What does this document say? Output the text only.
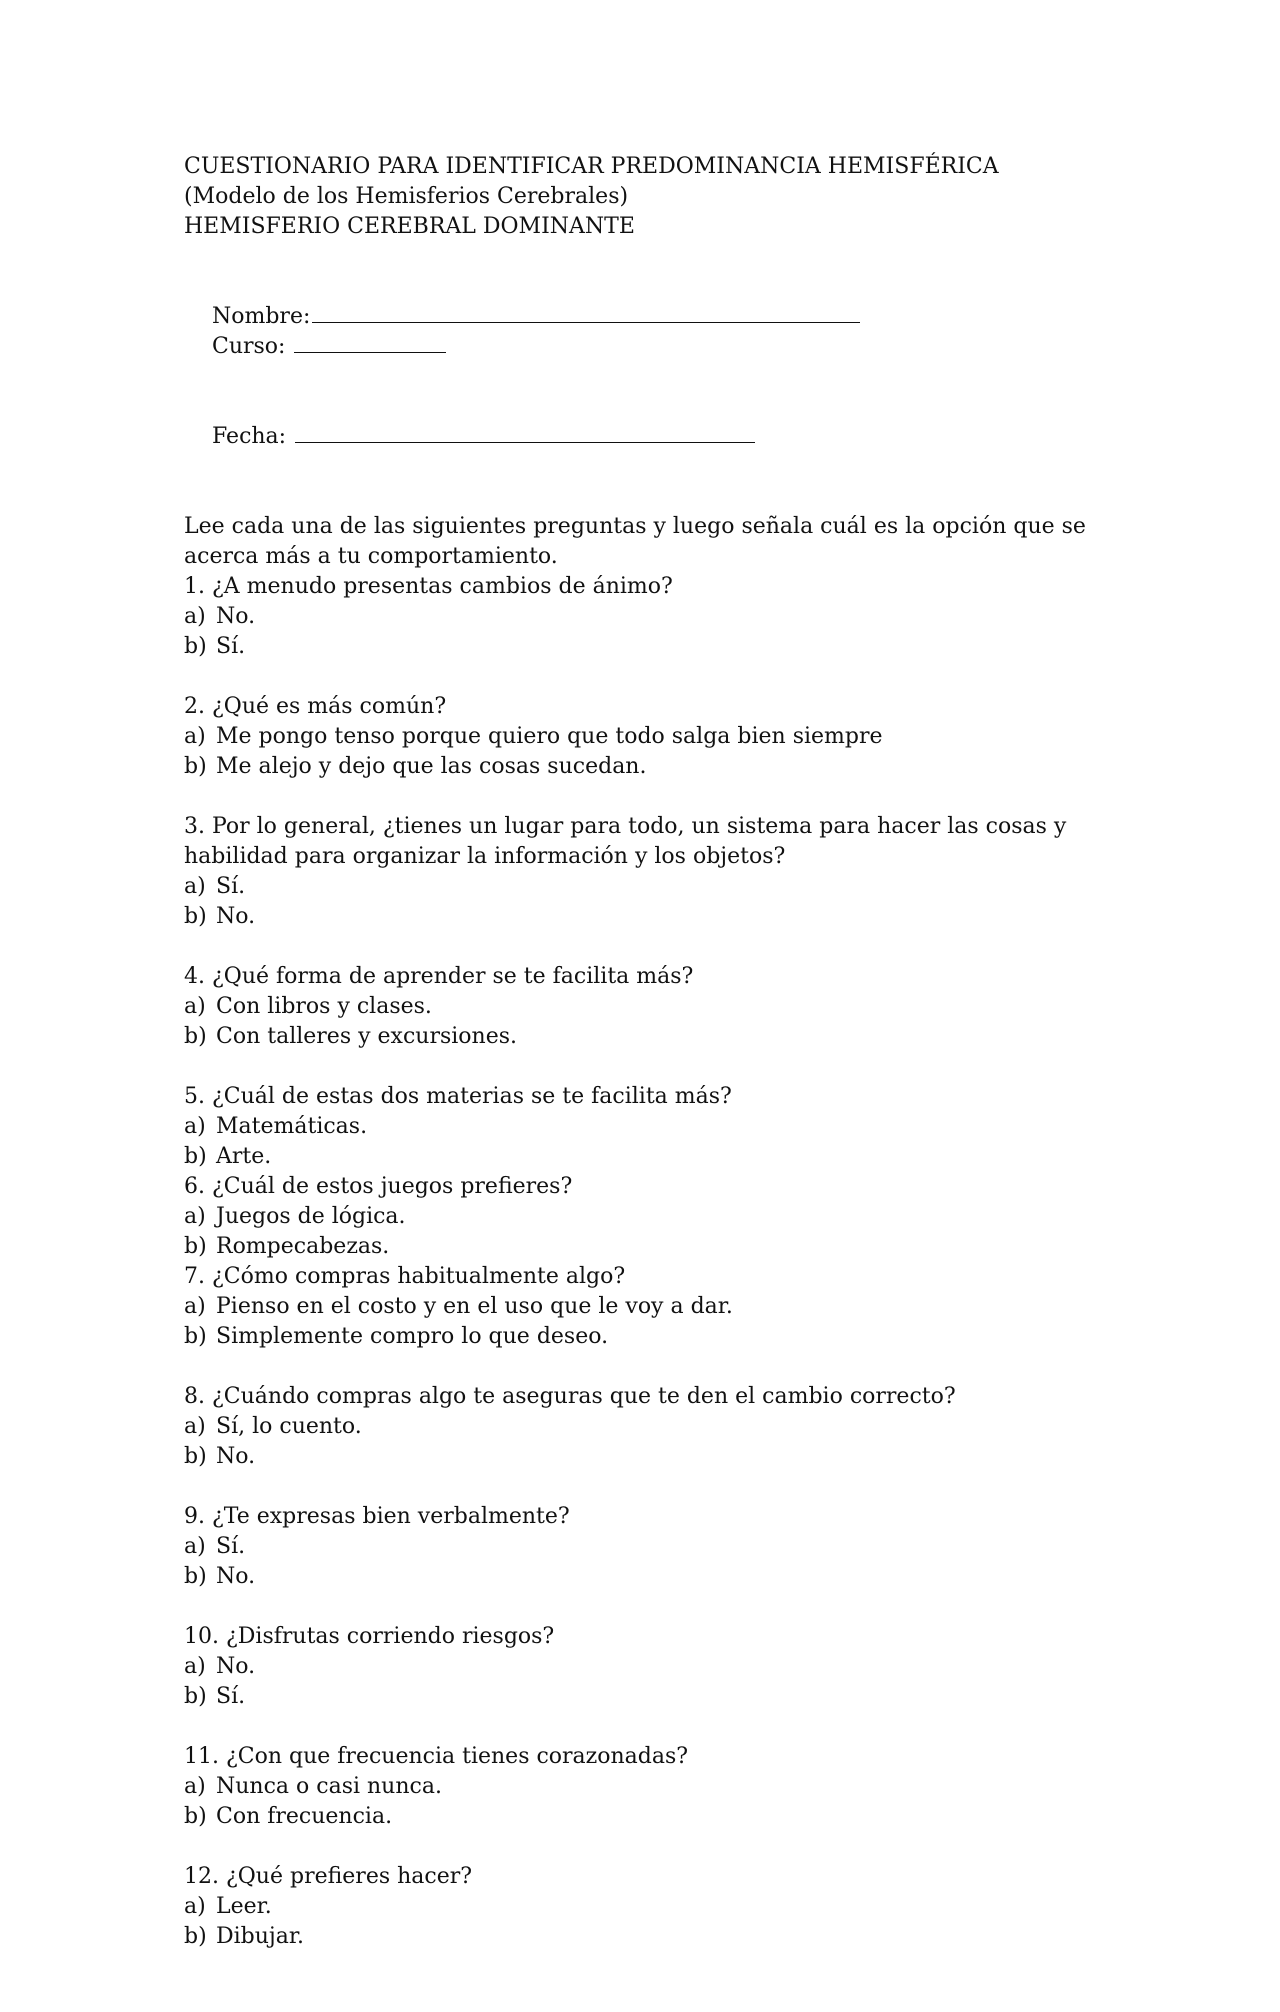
CUESTIONARIO PARA IDENTIFICAR PREDOMINANCIA HEMISFÉRICA
(Modelo de los Hemisferios Cerebrales)
HEMISFERIO CEREBRAL DOMINANTE

Nombre:
Curso:

Fecha:

Lee cada una de las siguientes preguntas y luego señala cuál es la opción que se acerca más a tu comportamiento.
1. ¿A menudo presentas cambios de ánimo?
a) No.
b) Sí.
2. ¿Qué es más común?
a) Me pongo tenso porque quiero que todo salga bien siempre
b) Me alejo y dejo que las cosas sucedan.
3. Por lo general, ¿tienes un lugar para todo, un sistema para hacer las cosas y habilidad para organizar la información y los objetos?
a) Sí.
b) No.
4. ¿Qué forma de aprender se te facilita más?
a) Con libros y clases.
b) Con talleres y excursiones.
5. ¿Cuál de estas dos materias se te facilita más?
a) Matemáticas.
b) Arte.
6. ¿Cuál de estos juegos prefieres?
a) Juegos de lógica.
b) Rompecabezas.
7. ¿Cómo compras habitualmente algo?
a) Pienso en el costo y en el uso que le voy a dar.
b) Simplemente compro lo que deseo.
8. ¿Cuándo compras algo te aseguras que te den el cambio correcto?
a) Sí, lo cuento.
b) No.
9. ¿Te expresas bien verbalmente?
a) Sí.
b) No.
10. ¿Disfrutas corriendo riesgos?
a) No.
b) Sí.
11. ¿Con que frecuencia tienes corazonadas?
a) Nunca o casi nunca.
b) Con frecuencia.
12. ¿Qué prefieres hacer?
a) Leer.
b) Dibujar.
